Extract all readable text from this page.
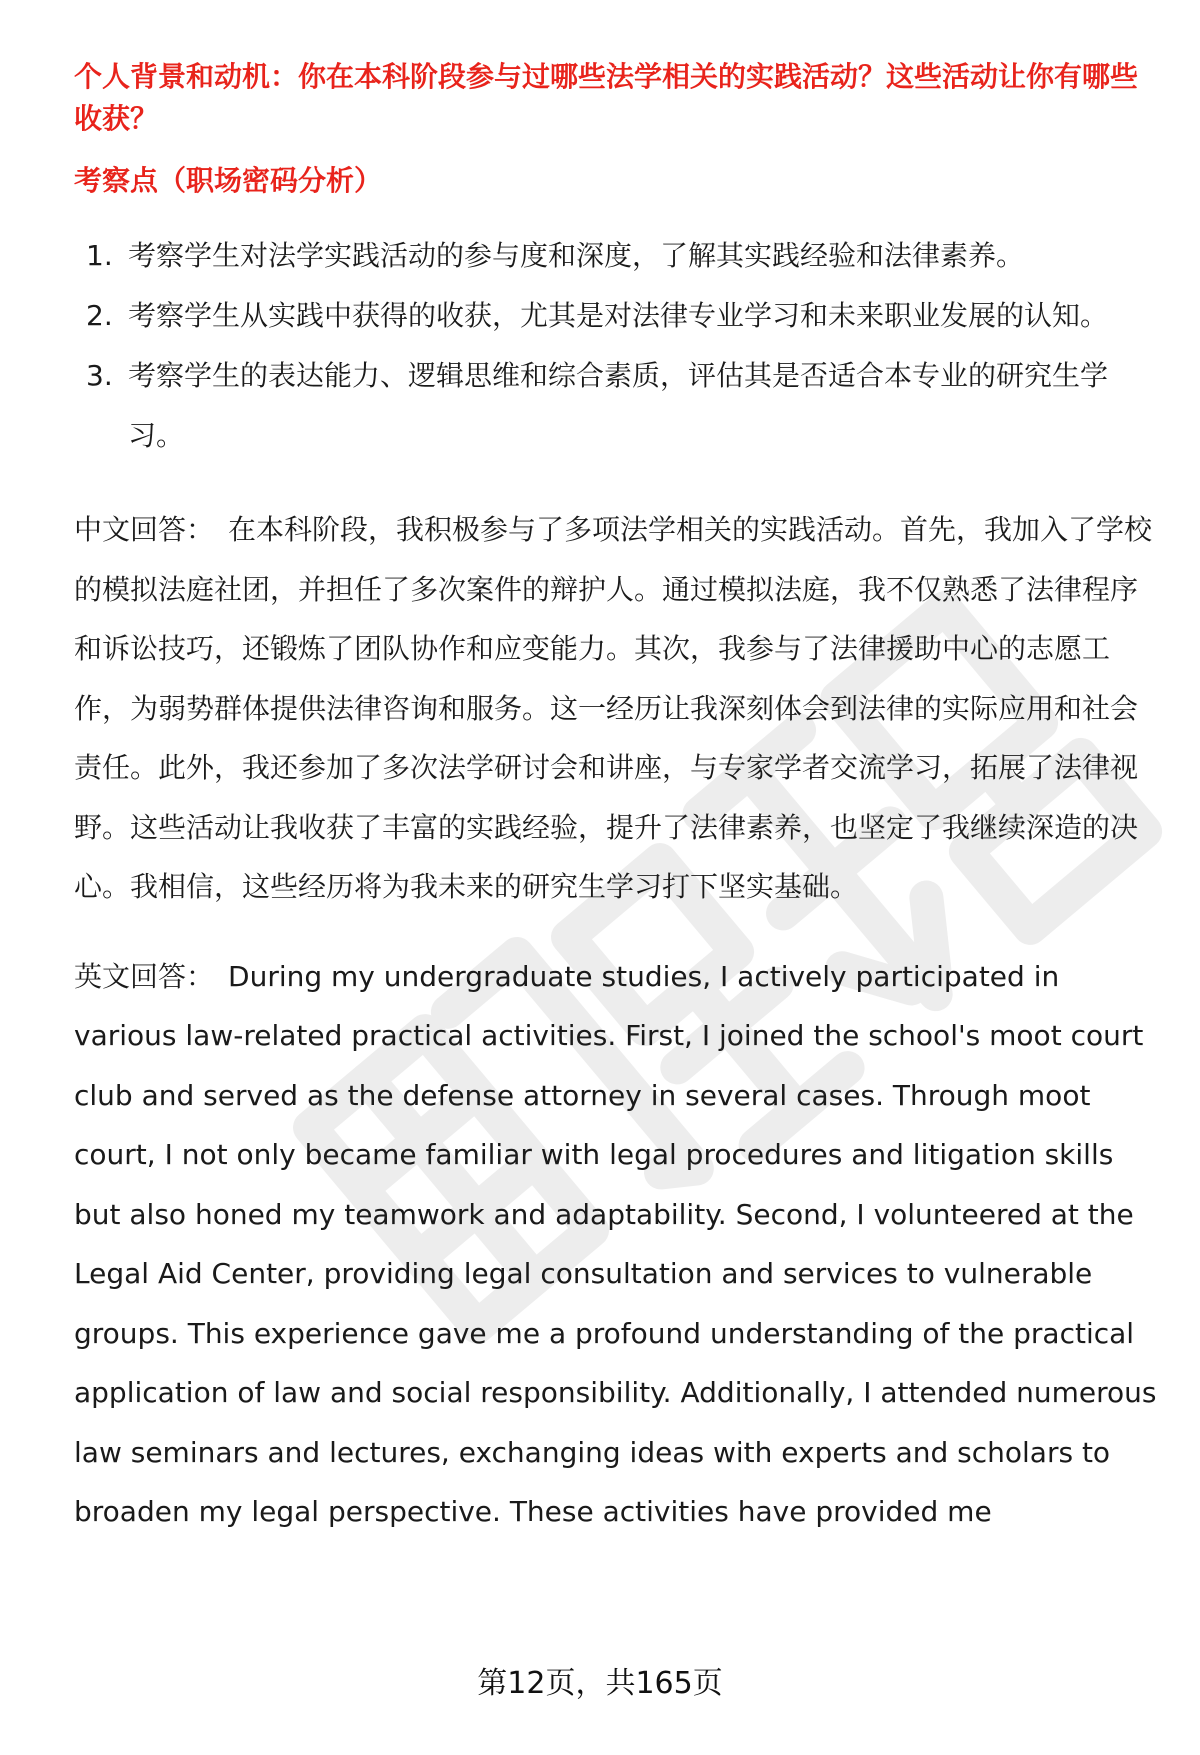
个人背景和动机：你在本科阶段参与过哪些法学相关的实践活动？这些活动让你有哪些收获？

考察点（职场密码分析）

1. 考察学生对法学实践活动的参与度和深度，了解其实践经验和法律素养。
2. 考察学生从实践中获得的收获，尤其是对法律专业学习和未来职业发展的认知。
3. 考察学生的表达能力、逻辑思维和综合素质，评估其是否适合本专业的研究生学习。

中文回答： 在本科阶段，我积极参与了多项法学相关的实践活动。首先，我加入了学校的模拟法庭社团，并担任了多次案件的辩护人。通过模拟法庭，我不仅熟悉了法律程序和诉讼技巧，还锻炼了团队协作和应变能力。其次，我参与了法律援助中心的志愿工作，为弱势群体提供法律咨询和服务。这一经历让我深刻体会到法律的实际应用和社会责任。此外，我还参加了多次法学研讨会和讲座，与专家学者交流学习，拓展了法律视野。这些活动让我收获了丰富的实践经验，提升了法律素养，也坚定了我继续深造的决心。我相信，这些经历将为我未来的研究生学习打下坚实基础。

英文回答： During my undergraduate studies, I actively participated in various law-related practical activities. First, I joined the school's moot court club and served as the defense attorney in several cases. Through moot court, I not only became familiar with legal procedures and litigation skills but also honed my teamwork and adaptability. Second, I volunteered at the Legal Aid Center, providing legal consultation and services to vulnerable groups. This experience gave me a profound understanding of the practical application of law and social responsibility. Additionally, I attended numerous law seminars and lectures, exchanging ideas with experts and scholars to broaden my legal perspective. These activities have provided me

第12页，共165页
